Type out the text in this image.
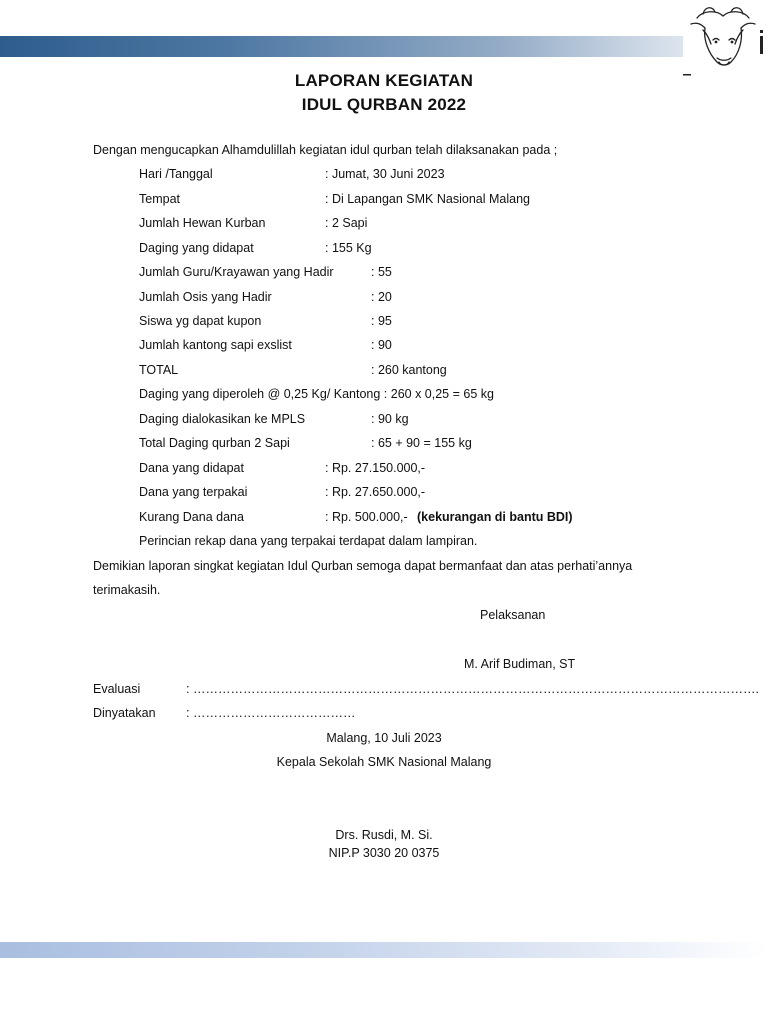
LAPORAN KEGIATAN
IDUL QURBAN 2022
Dengan mengucapkan Alhamdulillah kegiatan idul qurban telah dilaksanakan pada ;
Hari /Tanggal	: Jumat, 30 Juni 2023
Tempat	: Di Lapangan SMK Nasional Malang
Jumlah Hewan Kurban	: 2 Sapi
Daging yang didapat	: 155 Kg
Jumlah Guru/Krayawan yang Hadir	: 55
Jumlah Osis yang Hadir	: 20
Siswa yg dapat kupon	: 95
Jumlah kantong sapi exslist	: 90
TOTAL	: 260 kantong
Daging yang diperoleh @ 0,25 Kg/ Kantong : 260 x 0,25 = 65 kg
Daging dialokasikan ke MPLS	: 90 kg
Total Daging qurban 2 Sapi	: 65 + 90 = 155 kg
Dana yang didapat	: Rp. 27.150.000,-
Dana yang terpakai	: Rp. 27.650.000,-
Kurang Dana dana	: Rp. 500.000,- (kekurangan di bantu BDI)
Perincian rekap dana yang terpakai terdapat dalam lampiran.
Demikian laporan singkat kegiatan Idul Qurban semoga dapat bermanfaat dan atas perhati’annya
terimakasih.
Pelaksanan
M. Arif Budiman, ST
Evaluasi	: ……………………………………………………………………………………………………………………….
Dinyatakan : …………………………………
Malang, 10 Juli 2023
Kepala Sekolah SMK Nasional Malang
Drs. Rusdi, M. Si.
NIP.P 3030 20 0375
